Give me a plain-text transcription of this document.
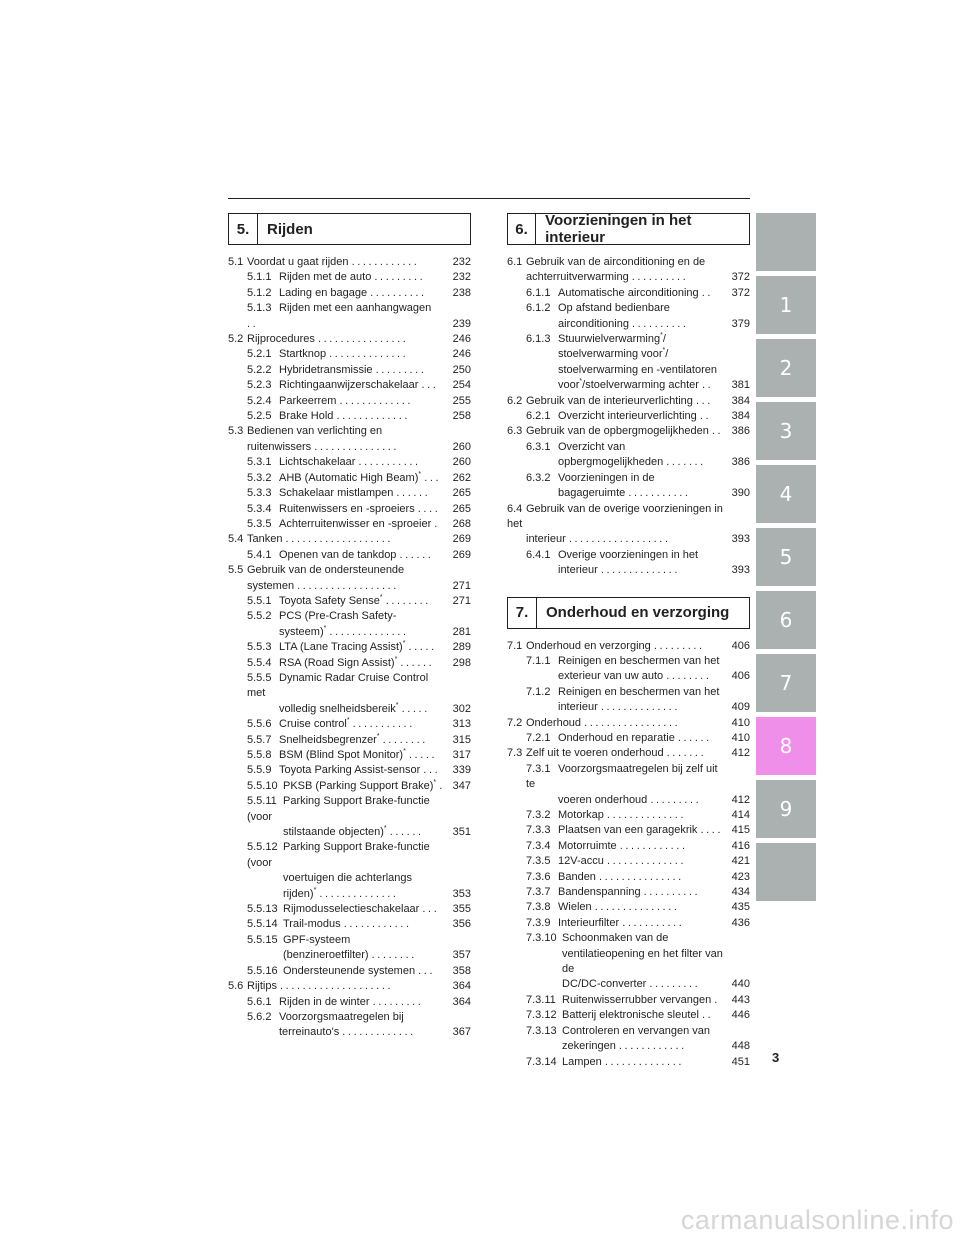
5.	Rijden
5.1 Voordat u gaat rijden ............	232
5.1.1 Rijden met de auto ......... 232
5.1.2 Lading en bagage .......... 238
5.1.3 Rijden met een aanhangwagen ..	239
5.2 Rijprocedures ................	246
5.2.1 Startknop ..............	246
5.2.2 Hybridetransmissie ......... 250
5.2.3 Richtingaanwijzerschakelaar ... 254
5.2.4 Parkeerrem .............	255
5.2.5 Brake Hold .............	258
5.3 Bedienen van verlichting en
ruitenwissers ...............	260
5.3.1 Lichtschakelaar ...........	260
5.3.2 AHB (Automatic High Beam)* ... 262
5.3.3 Schakelaar mistlampen ...... 265
5.3.4 Ruitenwissers en -sproeiers .... 265
5.3.5 Achterruitenwisser en -sproeier . 268
5.4 Tanken ...................	269
5.4.1 Openen van de tankdop ...... 269
5.5 Gebruik van de ondersteunende
systemen ..................	271
5.5.1 Toyota Safety Sense* ........ 271
5.5.2 PCS (Pre-Crash Safety-
systeem)* ..............	281
5.5.3 LTA (Lane Tracing Assist)* ..... 289
5.5.4 RSA (Road Sign Assist)* ...... 298
5.5.5 Dynamic Radar Cruise Control met
volledig snelheidsbereik* .....	302
5.5.6 Cruise control* ...........	313
5.5.7 Snelheidsbegrenzer* ........ 315
5.5.8 BSM (Blind Spot Monitor)* ..... 317
5.5.9 Toyota Parking Assist-sensor ... 339
5.5.10 PKSB (Parking Support Brake)* . 347
5.5.11 Parking Support Brake-functie (voor
stilstaande objecten)* ......	351
5.5.12 Parking Support Brake-functie (voor
voertuigen die achterlangs
rijden)* ..............	353
5.5.13 Rijmodusselectieschakelaar ... 355
5.5.14 Trail-modus ............	356
5.5.15 GPF-systeem
(benzineroetfilter) ........	357
5.5.16 Ondersteunende systemen ... 358
5.6 Rijtips ....................	364
5.6.1 Rijden in de winter .........	364
5.6.2 Voorzorgsmaatregelen bij
terreinauto's .............	367
6.	Voorzieningen in het interieur
6.1 Gebruik van de airconditioning en de
achterruitverwarming ..........	372
6.1.1 Automatische airconditioning .. 372
6.1.2 Op afstand bedienbare
airconditioning ..........	379
6.1.3 Stuurwielverwarming*/
stoelverwarming voor*/
stoelverwarming en -ventilatoren
voor*/stoelverwarming achter ..	381
6.2 Gebruik van de interieurverlichting ... 384
6.2.1 Overzicht interieurverlichting .. 384
6.3 Gebruik van de opbergmogelijkheden .. 386
6.3.1 Overzicht van
opbergmogelijkheden .......	386
6.3.2 Voorzieningen in de
bagageruimte ...........	390
6.4 Gebruik van de overige voorzieningen in het
interieur ..................	393
6.4.1 Overige voorzieningen in het
interieur ..............	393
7.	Onderhoud en verzorging
7.1 Onderhoud en verzorging ......... 406
7.1.1 Reinigen en beschermen van het
exterieur van uw auto ........	406
7.1.2 Reinigen en beschermen van het
interieur ..............	409
7.2 Onderhoud .................	410
7.2.1 Onderhoud en reparatie ...... 410
7.3 Zelf uit te voeren onderhoud ....... 412
7.3.1 Voorzorgsmaatregelen bij zelf uit te
voeren onderhoud .........	412
7.3.2 Motorkap ..............	414
7.3.3 Plaatsen van een garagekrik .... 415
7.3.4 Motorruimte ............	416
7.3.5 12V-accu ..............	421
7.3.6 Banden ...............	423
7.3.7 Bandenspanning ..........	434
7.3.8 Wielen ...............	435
7.3.9 Interieurfilter ...........	436
7.3.10 Schoonmaken van de
ventilatieopening en het filter van de
DC/DC-converter .........	440
7.3.11 Ruitenwisserrubber vervangen . 443
7.3.12 Batterij elektronische sleutel .. 446
7.3.13 Controleren en vervangen van
zekeringen ............	448
7.3.14 Lampen ..............	451
1
2
3
4
5
6
7
8
9
3
carmanualsonline.info
